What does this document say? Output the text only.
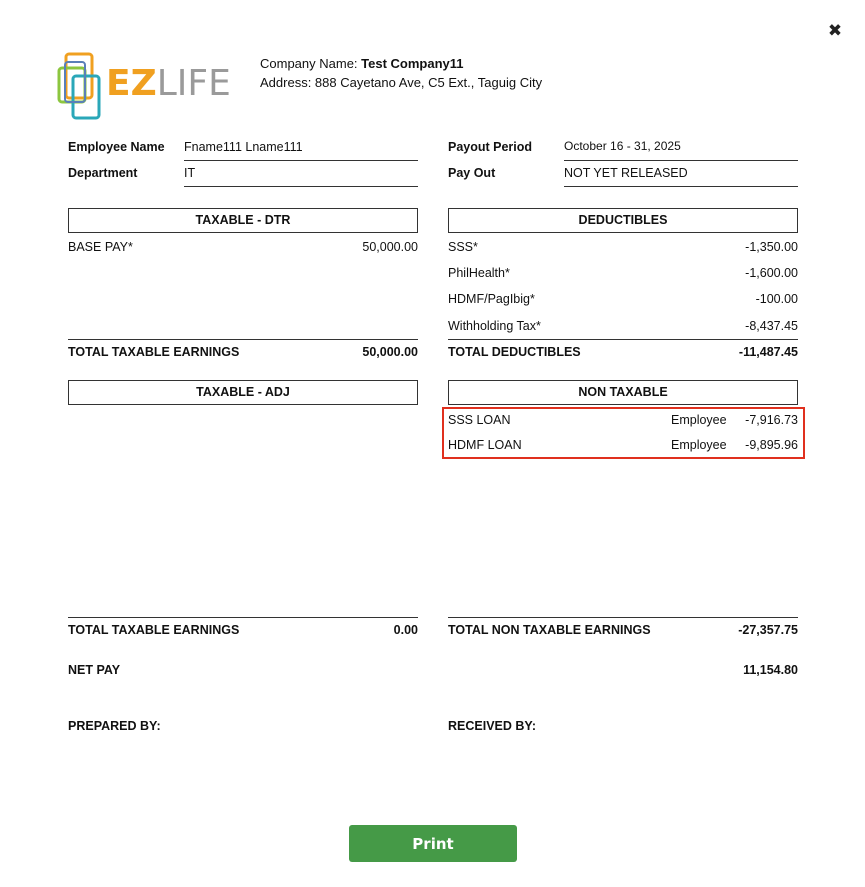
✖
EZLIFE Company Name: Test Company11
Address: 888 Cayetano Ave, C5 Ext., Taguig City
Employee Name Fname111 Lname111
Department	IT
Payout Period	October 16 - 31, 2025
Pay Out	NOT YET RELEASED
TAXABLE - DTR
BASE PAY*	50,000.00
TOTAL TAXABLE EARNINGS	50,000.00
DEDUCTIBLES
SSS*	-1,350.00
PhilHealth*	-1,600.00
HDMF/PagIbig*	-100.00
Withholding Tax*	-8,437.45
TOTAL DEDUCTIBLES	-11,487.45
TAXABLE - ADJ
TOTAL TAXABLE EARNINGS	0.00
NON TAXABLE
SSS LOAN	Employee -7,916.73
HDMF LOAN	Employee -9,895.96
TOTAL NON TAXABLE EARNINGS	-27,357.75
NET PAY	11,154.80
PREPARED BY:	RECEIVED BY:
Print
